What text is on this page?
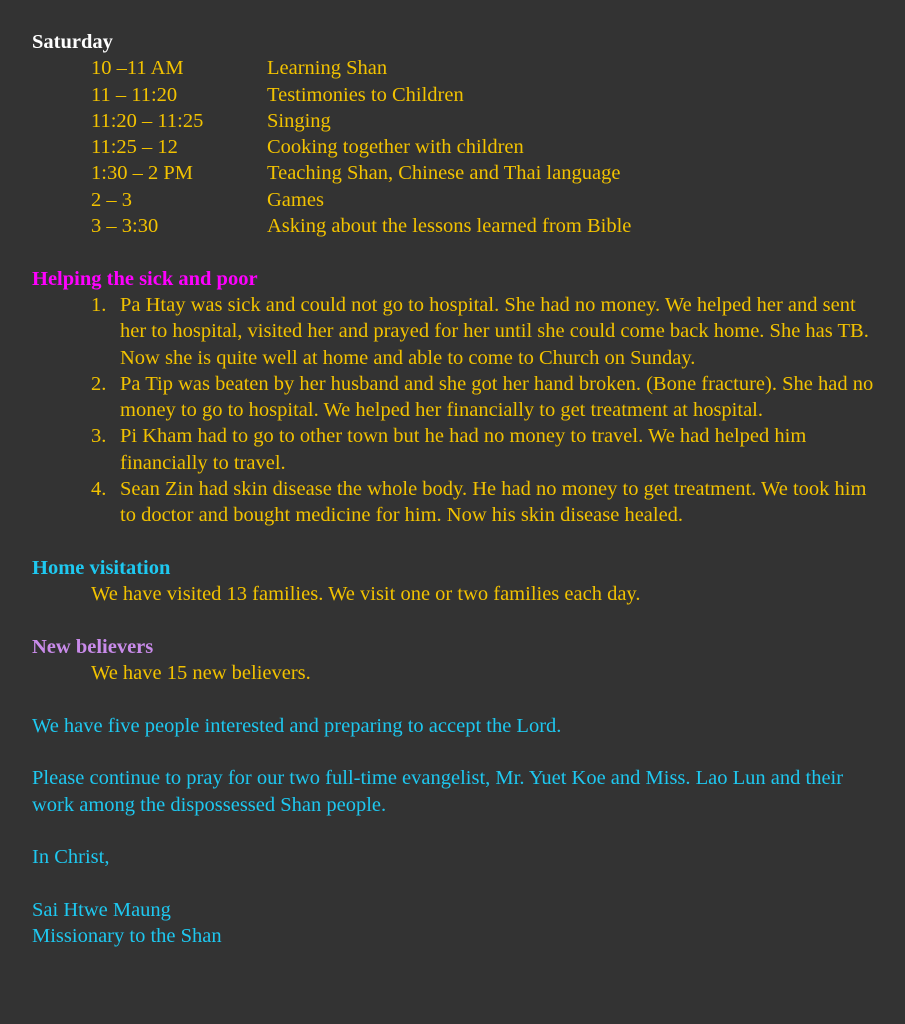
Saturday

10 –11 AM	Learning Shan
11 – 11:20	Testimonies to Children
11:20 – 11:25	Singing
11:25 – 12	Cooking together with children
1:30 – 2 PM	Teaching Shan, Chinese and Thai language
2 – 3	Games
3 – 3:30	Asking about the lessons learned from Bible

Helping the sick and poor

1. Pa Htay was sick and could not go to hospital. She had no money. We helped her and sent her to hospital, visited her and prayed for her until she could come back home. She has TB. Now she is quite well at home and able to come to Church on Sunday.
2. Pa Tip was beaten by her husband and she got her hand broken. (Bone fracture). She had no money to go to hospital. We helped her financially to get treatment at hospital.
3. Pi Kham had to go to other town but he had no money to travel. We had helped him financially to travel.
4. Sean Zin had skin disease the whole body. He had no money to get treatment. We took him to doctor and bought medicine for him. Now his skin disease healed.

Home visitation

We have visited 13 families. We visit one or two families each day.

New believers

We have 15 new believers.

We have five people interested and preparing to accept the Lord.

Please continue to pray for our two full-time evangelist, Mr. Yuet Koe and Miss. Lao Lun and their work among the dispossessed Shan people.

In Christ,

Sai Htwe Maung

Missionary to the Shan
